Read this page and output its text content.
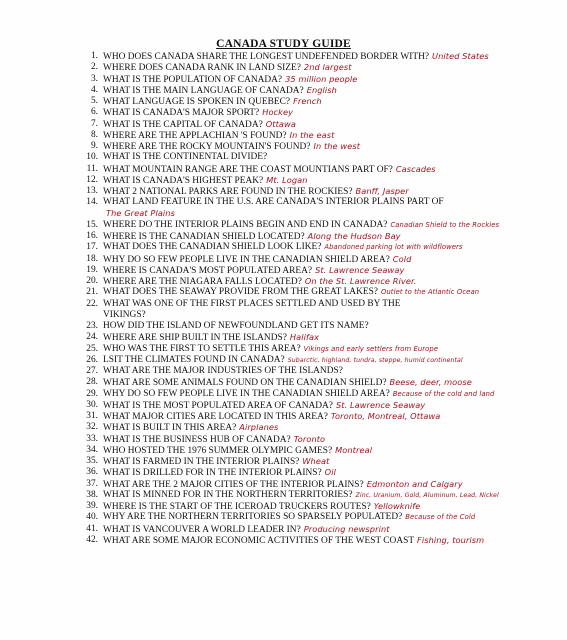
CANADA STUDY GUIDE
1. WHO DOES CANADA SHARE THE LONGEST UNDEFENDED BORDER WITH? United States
2. WHERE DOES CANADA RANK IN LAND SIZE? 2nd largest
3. WHAT IS THE POPULATION OF CANADA? 35 million people
4. WHAT IS THE MAIN LANGUAGE OF CANADA? English
5. WHAT LANGUAGE IS SPOKEN IN QUEBEC? French
6. WHAT IS CANADA'S MAJOR SPORT? Hockey
7. WHAT IS THE CAPITAL OF CANADA? Ottawa
8. WHERE ARE THE APPLACHIAN 'S FOUND? In the east
9. WHERE ARE THE ROCKY MOUNTAIN'S FOUND? In the west
10. WHAT IS THE CONTINENTAL DIVIDE?
11. WHAT MOUNTAIN RANGE ARE THE COAST MOUNTIANS PART OF? Cascades
12. WHAT IS CANADA'S HIGHEST PEAK? Mt. Logan
13. WHAT 2 NATIONAL PARKS ARE FOUND IN THE ROCKIES? Banff, Jasper
14. WHAT LAND FEATURE IN THE U.S. ARE CANADA'S INTERIOR PLAINS PART OF
The Great Plains
15. WHERE DO THE INTERIOR PLAINS BEGIN AND END IN CANADA? Canadian Shield to the Rockies
16. WHERE IS THE CANADIAN SHIELD LOCATED? Along the Hudson Bay
17. WHAT DOES THE CANADIAN SHIELD LOOK LIKE? Abandoned parking lot with wildflowers
18. WHY DO SO FEW PEOPLE LIVE IN THE CANADIAN SHIELD AREA? Cold
19. WHERE IS CANADA'S MOST POPULATED AREA? St. Lawrence Seaway
20. WHERE ARE THE NIAGARA FALLS LOCATED? On the St. Lawrence River.
21. WHAT DOES THE SEAWAY PROVIDE FROM THE GREAT LAKES? Outlet to the Atlantic Ocean
22. WHAT WAS ONE OF THE FIRST PLACES SETTLED AND USED BY THE
VIKINGS?
23. HOW DID THE ISLAND OF NEWFOUNDLAND GET ITS NAME?
24. WHERE ARE SHIP BUILT IN THE ISLANDS? Halifax
25. WHO WAS THE FIRST TO SETTLE THIS AREA? Vikings and early settlers from Europe
26. LSIT THE CLIMATES FOUND IN CANADA? Subarctic, highland, tundra, steppe, humid continental
27. WHAT ARE THE MAJOR INDUSTRIES OF THE ISLANDS?
28. WHAT ARE SOME ANIMALS FOUND ON THE CANADIAN SHIELD? Beese, deer, moose
29. WHY DO SO FEW PEOPLE LIVE IN THE CANADIAN SHIELD AREA? Because of the cold and land
30. WHAT IS THE MOST POPULATED AREA OF CANADA? St. Lawrence Seaway
31. WHAT MAJOR CITIES ARE LOCATED IN THIS AREA? Toronto, Montreal, Ottawa
32. WHAT IS BUILT IN THIS AREA? Airplanes
33. WHAT IS THE BUSINESS HUB OF CANADA? Toronto
34. WHO HOSTED THE 1976 SUMMER OLYMPIC GAMES? Montreal
35. WHAT IS FARMED IN THE INTERIOR PLAINS? Wheat
36. WHAT IS DRILLED FOR IN THE INTERIOR PLAINS? Oil
37. WHAT ARE THE 2 MAJOR CITIES OF THE INTERIOR PLAINS? Edmonton and Calgary
38. WHAT IS MINNED FOR IN THE NORTHERN TERRITORIES? Zinc, Uranium, Gold, Aluminum, Lead, Nickel
39. WHERE IS THE START OF THE ICEROAD TRUCKERS ROUTES? Yellowknife
40. WHY ARE THE NORTHERN TERRITORIES SO SPARSELY POPULATED? Because of the Cold
41. WHAT IS VANCOUVER A WORLD LEADER IN? Producing newsprint
42. WHAT ARE SOME MAJOR ECONOMIC ACTIVITIES OF THE WEST COAST Fishing, tourism
